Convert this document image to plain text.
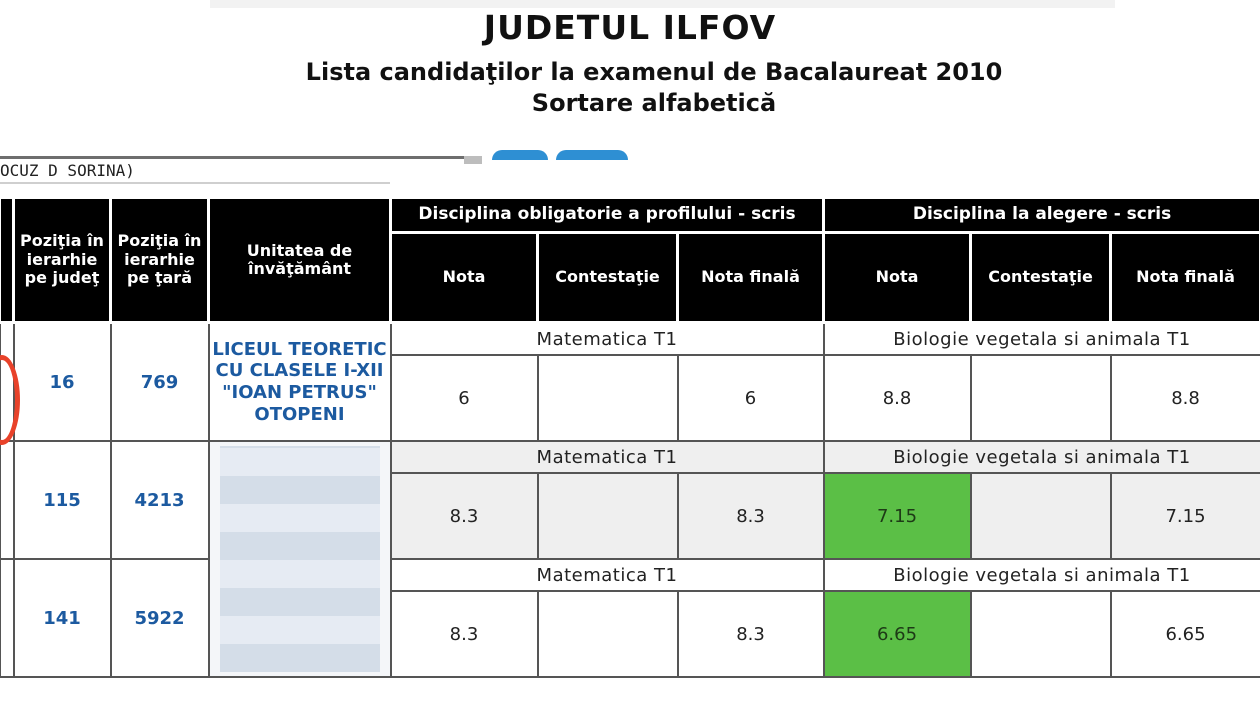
JUDETUL ILFOV
Lista candidaţilor la examenul de Bacalaureat 2010
Sortare alfabetică
OCUZ D SORINA)
	Poziţia în ierarhie pe judeţ	Poziţia în ierarhie pe ţară	Unitatea de învăţământ	Disciplina obligatorie a profilului - scris			Disciplina la alegere - scris		
				Nota	Contestaţie	Nota finală	Nota	Contestaţie	Nota finală
	16	769	LICEUL TEORETIC CU CLASELE I-XII "IOAN PETRUS" OTOPENI	Matematica T1			Biologie vegetala si animala T1		
				6		6	8.8		8.8
	115	4213		Matematica T1			Biologie vegetala si animala T1		
				8.3		8.3	7.15		7.15
	141	5922		Matematica T1			Biologie vegetala si animala T1		
				8.3		8.3	6.65		6.65
